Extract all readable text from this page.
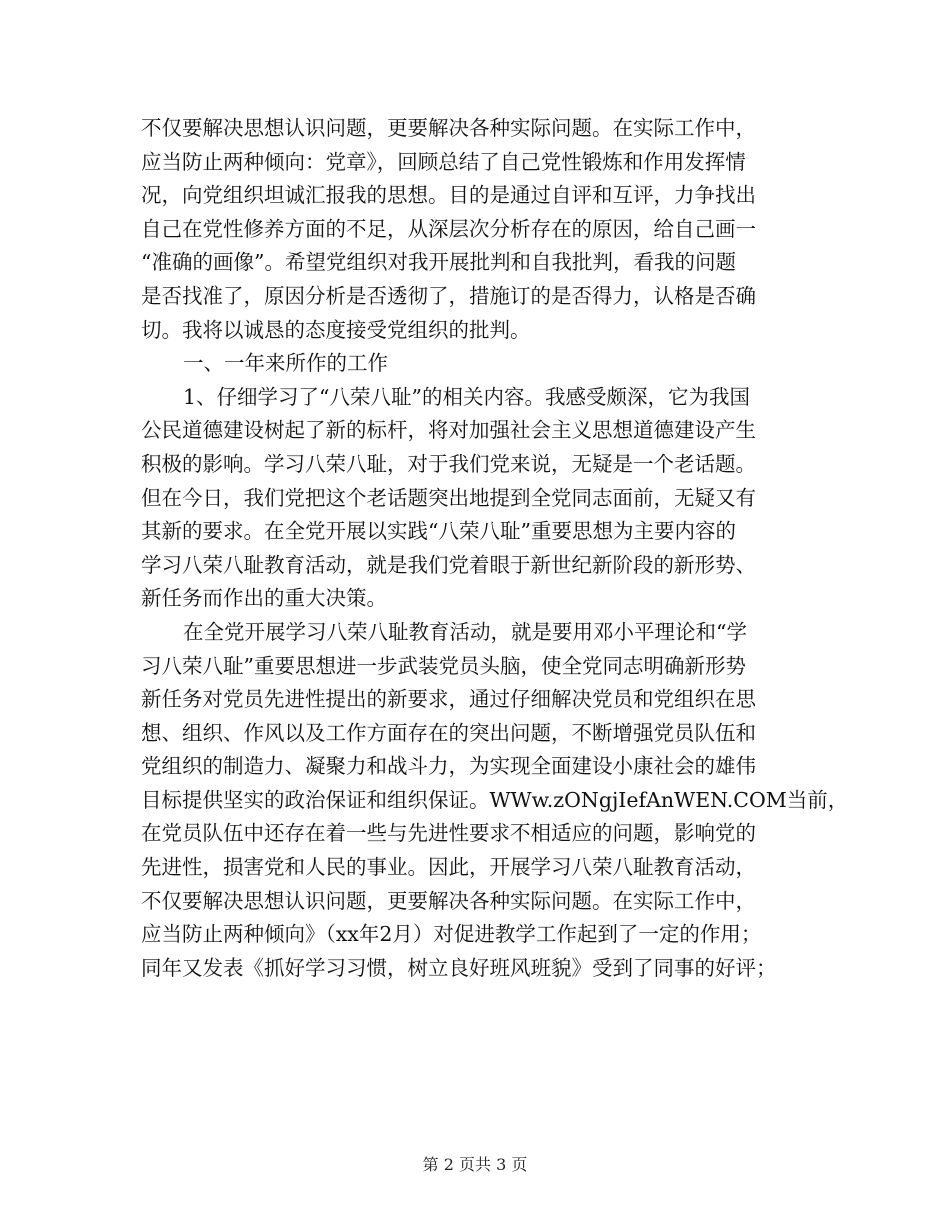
不仅要解决思想认识问题，更要解决各种实际问题。在实际工作中，
应当防止两种倾向：党章》，回顾总结了自己党性锻炼和作用发挥情
况，向党组织坦诚汇报我的思想。目的是通过自评和互评，力争找出
自己在党性修养方面的不足，从深层次分析存在的原因，给自己画一
“准确的画像”。希望党组织对我开展批判和自我批判，看我的问题
是否找准了，原因分析是否透彻了，措施订的是否得力，认格是否确
切。我将以诚恳的态度接受党组织的批判。
一、一年来所作的工作
1、仔细学习了“八荣八耻”的相关内容。我感受颇深，它为我国
公民道德建设树起了新的标杆，将对加强社会主义思想道德建设产生
积极的影响。学习八荣八耻，对于我们党来说，无疑是一个老话题。
但在今日，我们党把这个老话题突出地提到全党同志面前，无疑又有
其新的要求。在全党开展以实践“八荣八耻”重要思想为主要内容的
学习八荣八耻教育活动，就是我们党着眼于新世纪新阶段的新形势、
新任务而作出的重大决策。
在全党开展学习八荣八耻教育活动，就是要用邓小平理论和“学
习八荣八耻”重要思想进一步武装党员头脑，使全党同志明确新形势
新任务对党员先进性提出的新要求，通过仔细解决党员和党组织在思
想、组织、作风以及工作方面存在的突出问题，不断增强党员队伍和
党组织的制造力、凝聚力和战斗力，为实现全面建设小康社会的雄伟
目标提供坚实的政治保证和组织保证。WWw.zONgjIefAnWEN.COM当前，
在党员队伍中还存在着一些与先进性要求不相适应的问题，影响党的
先进性，损害党和人民的事业。因此，开展学习八荣八耻教育活动，
不仅要解决思想认识问题，更要解决各种实际问题。在实际工作中，
应当防止两种倾向》（xx年2月）对促进教学工作起到了一定的作用；
同年又发表《抓好学习习惯，树立良好班风班貌》受到了同事的好评；
第 2 页共 3 页
